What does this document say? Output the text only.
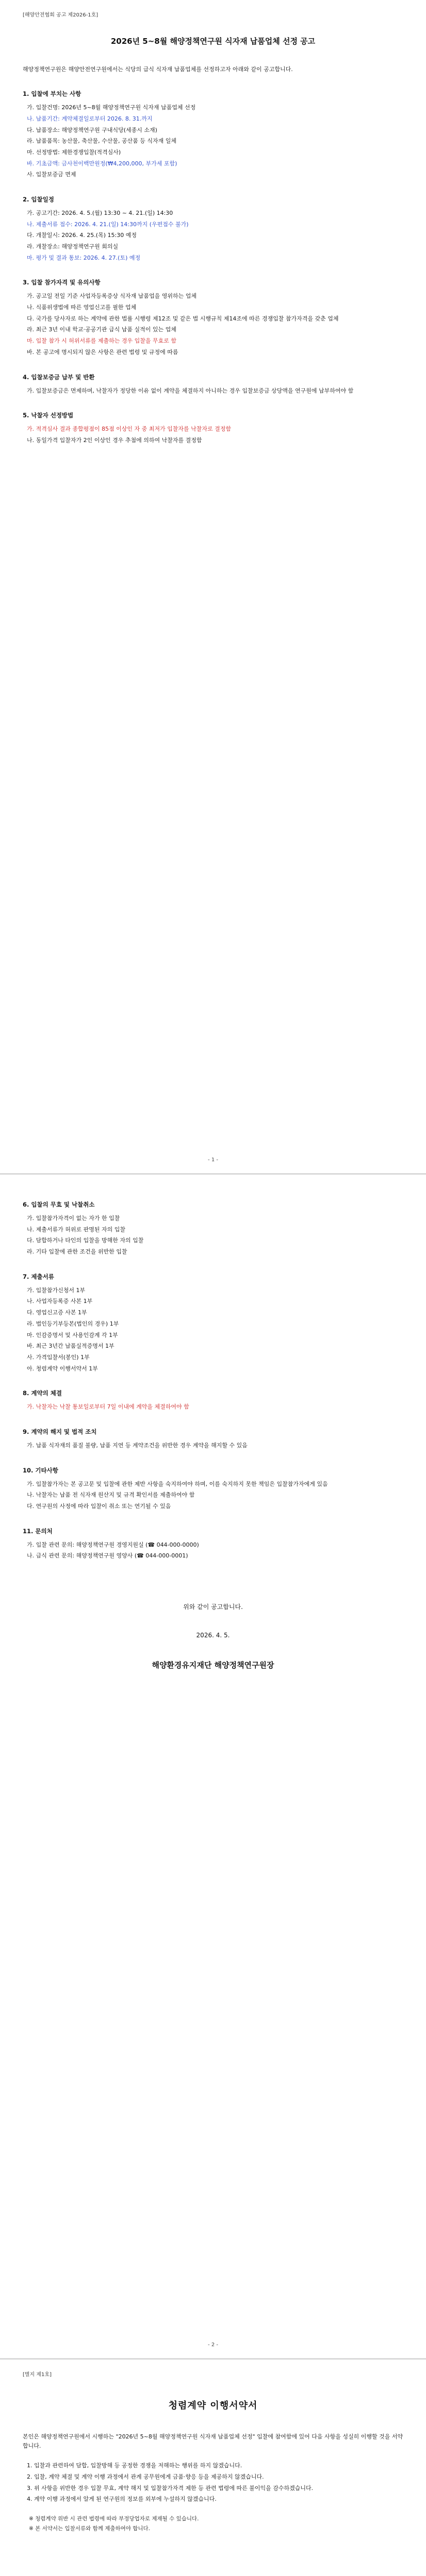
[해양안전협회 공고 제2026-1호]
2026년 5~8월 해양정책연구원 식자재 납품업체 선정 공고

해양정책연구원은 해양안전연구원에서는 식당의 급식 식자재 납품업체를 선정하고자 아래와 같이 공고합니다.

1. 입찰에 부치는 사항
가. 입찰건명: 2026년 5~8월 해양정책연구원 식자재 납품업체 선정
나. 납품기간: 계약체결일로부터 2026. 8. 31.까지
다. 납품장소: 해양정책연구원 구내식당(세종시 소재)
라. 납품품목: 농산물, 축산물, 수산물, 공산품 등 식자재 일체
마. 선정방법: 제한경쟁입찰(적격심사)
바. 기초금액: 금사천이백만원정(₩4,200,000, 부가세 포함)
사. 입찰보증금 면제
2. 입찰일정
가. 공고기간: 2026. 4. 5.(월) 13:30 ~ 4. 21.(일) 14:30
나. 제출서류 접수: 2026. 4. 21.(일) 14:30까지 (우편접수 불가)
다. 개찰일시: 2026. 4. 25.(목) 15:30 예정
라. 개찰장소: 해양정책연구원 회의실
마. 평가 및 결과 통보: 2026. 4. 27.(토) 예정
3. 입찰 참가자격 및 유의사항
가. 공고일 전일 기준 사업자등록증상 식자재 납품업을 영위하는 업체
나. 식품위생법에 따른 영업신고를 필한 업체
다. 국가를 당사자로 하는 계약에 관한 법률 시행령 제12조 및 같은 법 시행규칙 제14조에 따른 경쟁입찰 참가자격을 갖춘 업체
라. 최근 3년 이내 학교·공공기관 급식 납품 실적이 있는 업체
마. 입찰 참가 시 허위서류를 제출하는 경우 입찰을 무효로 함
바. 본 공고에 명시되지 않은 사항은 관련 법령 및 규정에 따름
4. 입찰보증금 납부 및 반환
가. 입찰보증금은 면제하며, 낙찰자가 정당한 이유 없이 계약을 체결하지 아니하는 경우 입찰보증금 상당액을 연구원에 납부하여야 함
5. 낙찰자 선정방법
가. 적격심사 결과 종합평점이 85점 이상인 자 중 최저가 입찰자를 낙찰자로 결정함
나. 동일가격 입찰자가 2인 이상인 경우 추첨에 의하여 낙찰자를 결정함
- 1 -
6. 입찰의 무효 및 낙찰취소
가. 입찰참가자격이 없는 자가 한 입찰
나. 제출서류가 허위로 판명된 자의 입찰
다. 담합하거나 타인의 입찰을 방해한 자의 입찰
라. 기타 입찰에 관한 조건을 위반한 입찰
7. 제출서류
가. 입찰참가신청서 1부
나. 사업자등록증 사본 1부
다. 영업신고증 사본 1부
라. 법인등기부등본(법인의 경우) 1부
마. 인감증명서 및 사용인감계 각 1부
바. 최근 3년간 납품실적증명서 1부
사. 가격입찰서(봉인) 1부
아. 청렴계약 이행서약서 1부
8. 계약의 체결
가. 낙찰자는 낙찰 통보일로부터 7일 이내에 계약을 체결하여야 함
9. 계약의 해지 및 법적 조치
가. 납품 식자재의 품질 불량, 납품 지연 등 계약조건을 위반한 경우 계약을 해지할 수 있음
10. 기타사항
가. 입찰참가자는 본 공고문 및 입찰에 관한 제반 사항을 숙지하여야 하며, 이를 숙지하지 못한 책임은 입찰참가자에게 있음
나. 낙찰자는 납품 전 식자재 원산지 및 규격 확인서를 제출하여야 함
다. 연구원의 사정에 따라 입찰이 취소 또는 연기될 수 있음
11. 문의처
가. 입찰 관련 문의: 해양정책연구원 경영지원실 (☎ 044-000-0000)
나. 급식 관련 문의: 해양정책연구원 영양사 (☎ 044-000-0001)
위와 같이 공고합니다.
2026. 4. 5.
해양환경유지재단 해양정책연구원장
- 2 -
[별지 제1호]
청렴계약 이행서약서

본인은 해양정책연구원에서 시행하는 "2026년 5~8월 해양정책연구원 식자재 납품업체 선정" 입찰에 참여함에 있어 다음 사항을 성실히 이행할 것을 서약합니다.

1. 입찰과 관련하여 담합, 입찰방해 등 공정한 경쟁을 저해하는 행위를 하지 않겠습니다.

2. 입찰, 계약 체결 및 계약 이행 과정에서 관계 공무원에게 금품·향응 등을 제공하지 않겠습니다.

3. 위 사항을 위반한 경우 입찰 무효, 계약 해지 및 입찰참가자격 제한 등 관련 법령에 따른 불이익을 감수하겠습니다.

4. 계약 이행 과정에서 알게 된 연구원의 정보를 외부에 누설하지 않겠습니다.

※ 청렴계약 위반 시 관련 법령에 따라 부정당업자로 제재될 수 있습니다.
※ 본 서약서는 입찰서류와 함께 제출하여야 합니다.
